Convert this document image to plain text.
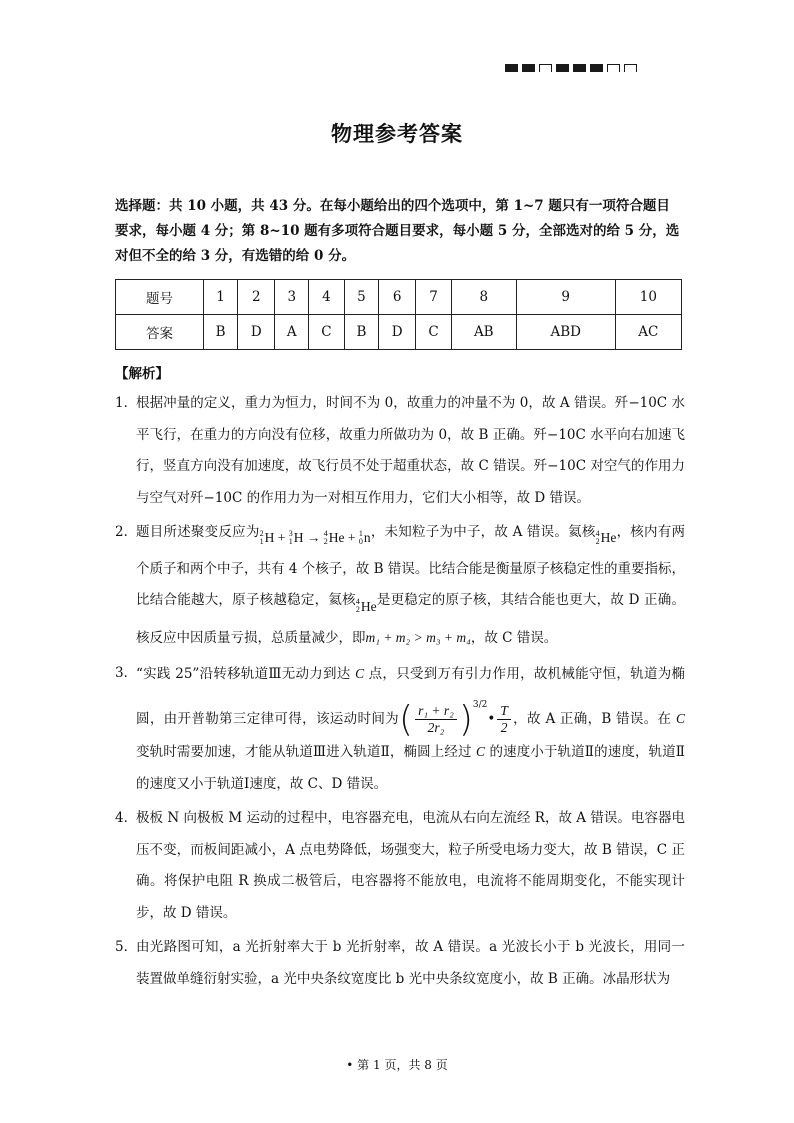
物理参考答案
选择题：共 10 小题，共 43 分。在每小题给出的四个选项中，第 1~7 题只有一项符合题目要求，每小题 4 分；第 8~10 题有多项符合题目要求，每小题 5 分，全部选对的给 5 分，选对但不全的给 3 分，有选错的给 0 分。
题号	1	2	3	4	5	6	7	8	9	10
答案	B	D	A	C	B	D	C	AB	ABD	AC
【解析】
1．
根据冲量的定义，重力为恒力，时间不为 0，故重力的冲量不为 0，故 A 错误。歼−10C 水平飞行，在重力的方向没有位移，故重力所做功为 0，故 B 正确。歼−10C 水平向右加速飞行，竖直方向没有加速度，故飞行员不处于超重状态，故 C 错误。歼−10C 对空气的作用力与空气对歼−10C 的作用力为一对相互作用力，它们大小相等，故 D 错误。
2．
题目所述聚变反应为 2
1 H
+
3
1 H
→
4
2 He
+
1
0 n ，未知粒子为中子，故 A 错误。氦核 4
2 He ，核内有两个质子和两个中子，共有 4 个核子，故 B 错误。比结合能是衡量原子核稳定性的重要指标，比结合能越大，原子核越稳定，氦核 4
2 He 是更稳定的原子核，其结合能也更大，故 D 正确。核反应中因质量亏损，总质量减少，即m₁ + m₂ > m₃ + m₄，故 C 错误。
3．
“实践 25”沿转移轨道Ⅲ无动力到达 C 点，只受到万有引力作用，故机械能守恒，轨道为椭圆，由开普勒第三定律可得，该运动时间为( $\frac{\text{r₁ + r₂}}{\text{2r₂}}$ )$^{3/2}$• $\frac{T}{2}$ ，故 A 正确，B 错误。在 C 变轨时需要加速，才能从轨道Ⅲ进入轨道Ⅱ，椭圆上经过 C 的速度小于轨道Ⅱ的速度，轨道Ⅱ的速度又小于轨道Ⅰ速度，故 C、D 错误。
4．
极板 N 向极板 M 运动的过程中，电容器充电，电流从右向左流经 R，故 A 错误。电容器电压不变，而板间距减小，A 点电势降低，场强变大，粒子所受电场力变大，故 B 错误，C 正确。将保护电阻 R 换成二极管后，电容器将不能放电，电流将不能周期变化，不能实现计步，故 D 错误。
5．
由光路图可知，a 光折射率大于 b 光折射率，故 A 错误。a 光波长小于 b 光波长，用同一装置做单缝衍射实验，a 光中央条纹宽度比 b 光中央条纹宽度小，故 B 正确。冰晶形状为
• 第 1 页，共 8 页
